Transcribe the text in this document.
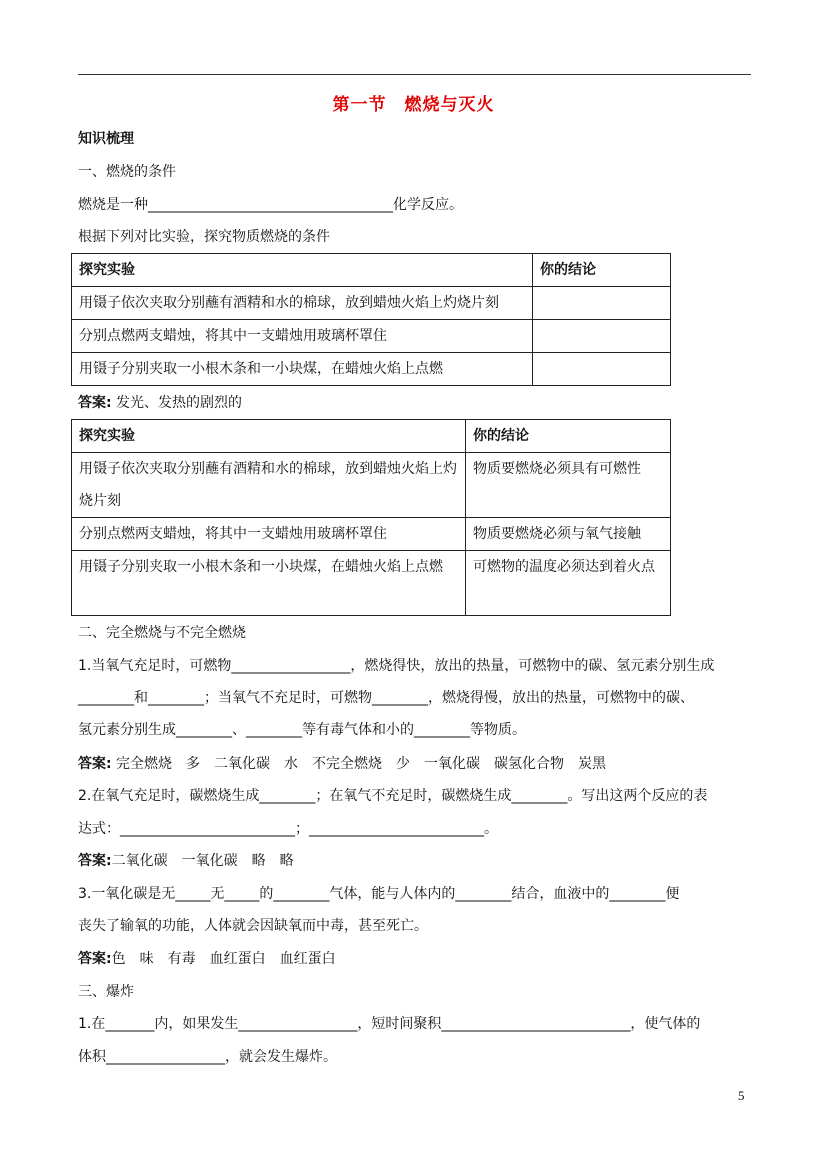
第一节　燃烧与灭火
知识梳理
一、燃烧的条件
燃烧是一种___________________________________化学反应。
根据下列对比实验，探究物质燃烧的条件
探究实验	你的结论
用镊子依次夹取分别蘸有酒精和水的棉球，放到蜡烛火焰上灼烧片刻	
分别点燃两支蜡烛，将其中一支蜡烛用玻璃杯罩住	
用镊子分别夹取一小根木条和一小块煤，在蜡烛火焰上点燃	
答案: 发光、发热的剧烈的
探究实验	你的结论
用镊子依次夹取分别蘸有酒精和水的棉球，放到蜡烛火焰上灼烧片刻	物质要燃烧必须具有可燃性
分别点燃两支蜡烛，将其中一支蜡烛用玻璃杯罩住	物质要燃烧必须与氧气接触
用镊子分别夹取一小根木条和一小块煤，在蜡烛火焰上点燃	可燃物的温度必须达到着火点
二、完全燃烧与不完全燃烧
1.当氧气充足时，可燃物_________________，燃烧得快，放出的热量，可燃物中的碳、氢元素分别生成
________和________；当氧气不充足时，可燃物________，燃烧得慢，放出的热量，可燃物中的碳、
氢元素分别生成________、________等有毒气体和小的________等物质。
答案: 完全燃烧　多　二氧化碳　水　不完全燃烧　少　一氧化碳　碳氢化合物　炭黑
2.在氧气充足时，碳燃烧生成________；在氧气不充足时，碳燃烧生成________。写出这两个反应的表
达式：_________________________；_________________________。
答案:二氧化碳　一氧化碳　略　略
3.一氧化碳是无_____无_____的________气体，能与人体内的________结合，血液中的________便
丧失了输氧的功能，人体就会因缺氧而中毒，甚至死亡。
答案:色　味　有毒　血红蛋白　血红蛋白
三、爆炸
1.在_______内，如果发生_________________，短时间聚积___________________________，使气体的
体积_________________，就会发生爆炸。
5
